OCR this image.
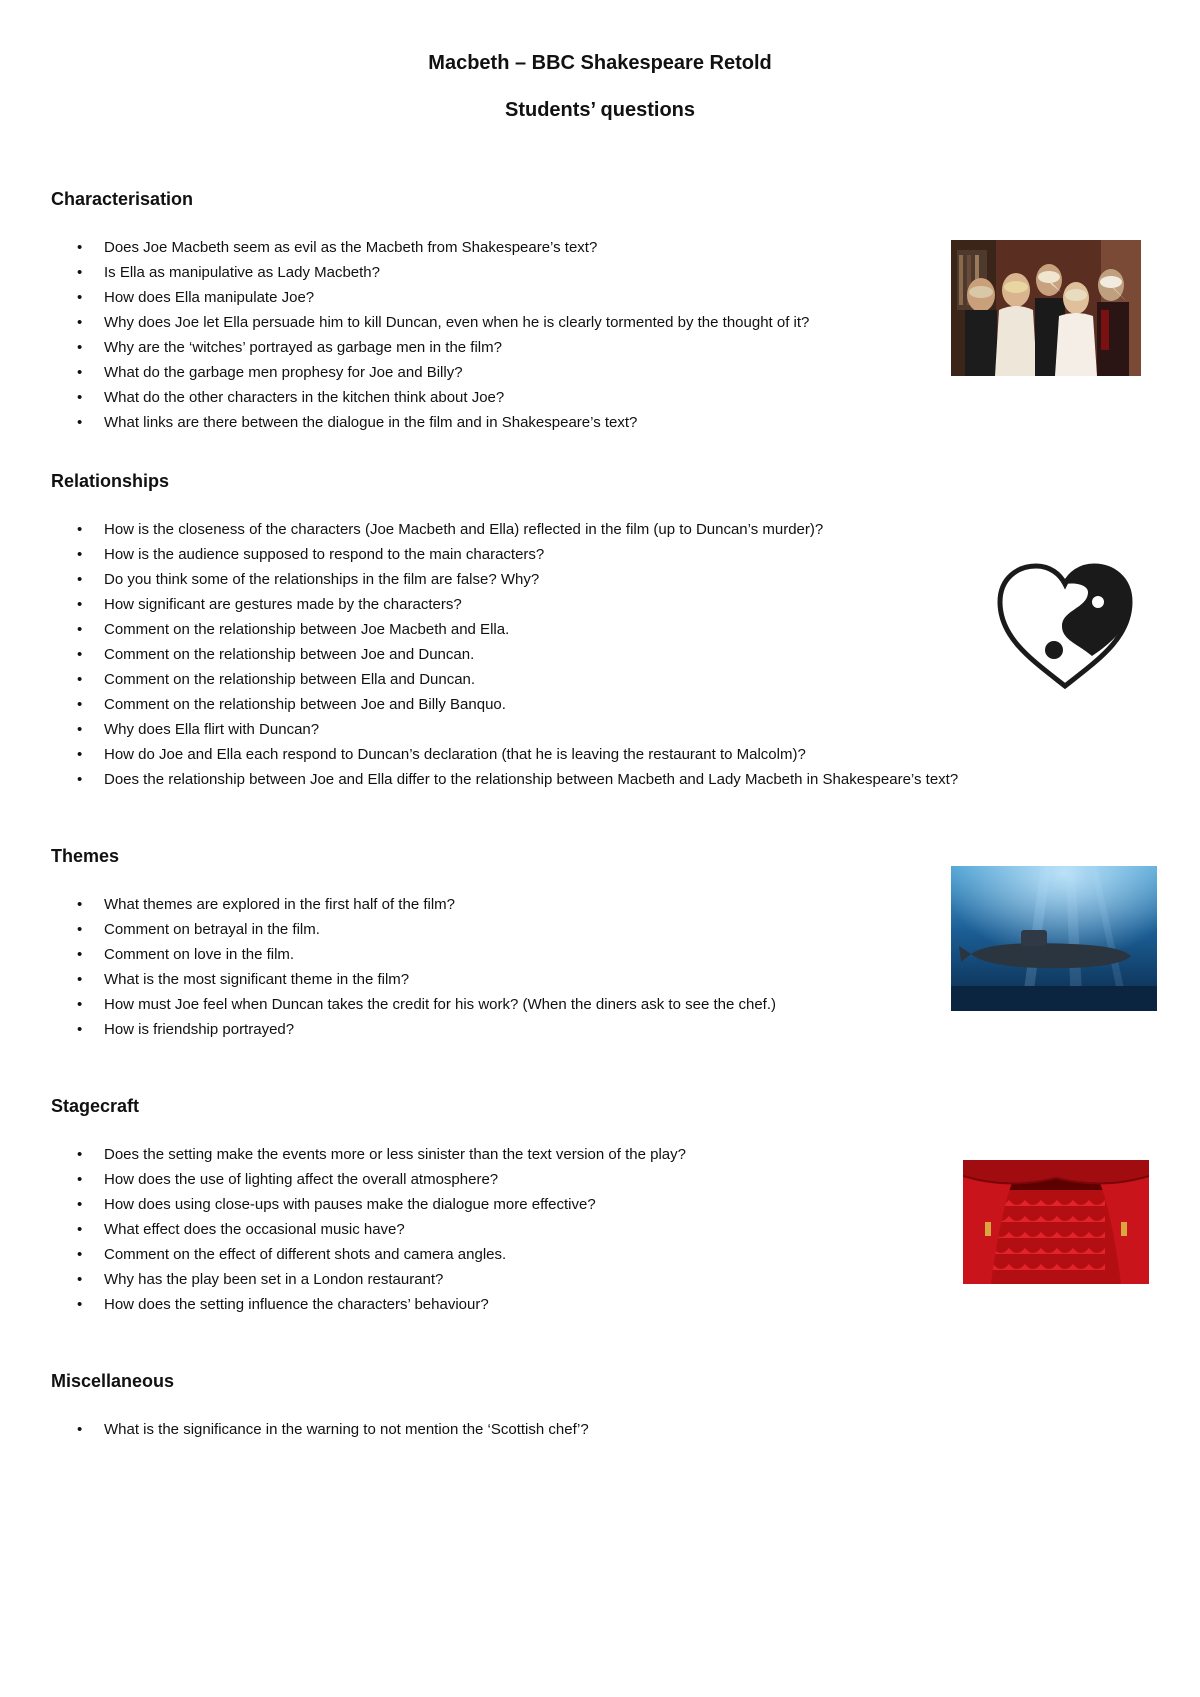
Macbeth – BBC Shakespeare Retold
Students’ questions
Characterisation
• Does Joe Macbeth seem as evil as the Macbeth from Shakespeare’s text?
• Is Ella as manipulative as Lady Macbeth?
• How does Ella manipulate Joe?
• Why does Joe let Ella persuade him to kill Duncan, even when he is clearly tormented by the thought of it?
• Why are the ‘witches’ portrayed as garbage men in the film?
• What do the garbage men prophesy for Joe and Billy?
• What do the other characters in the kitchen think about Joe?
• What links are there between the dialogue in the film and in Shakespeare’s text?
Relationships
• How is the closeness of the characters (Joe Macbeth and Ella) reflected in the film (up to Duncan’s murder)?
• How is the audience supposed to respond to the main characters?
• Do you think some of the relationships in the film are false? Why?
• How significant are gestures made by the characters?
• Comment on the relationship between Joe Macbeth and Ella.
• Comment on the relationship between Joe and Duncan.
• Comment on the relationship between Ella and Duncan.
• Comment on the relationship between Joe and Billy Banquo.
• Why does Ella flirt with Duncan?
• How do Joe and Ella each respond to Duncan’s declaration (that he is leaving the restaurant to Malcolm)?
• Does the relationship between Joe and Ella differ to the relationship between Macbeth and Lady Macbeth in Shakespeare’s text?
Themes
• What themes are explored in the first half of the film?
• Comment on betrayal in the film.
• Comment on love in the film.
• What is the most significant theme in the film?
• How must Joe feel when Duncan takes the credit for his work? (When the diners ask to see the chef.)
• How is friendship portrayed?
Stagecraft
• Does the setting make the events more or less sinister than the text version of the play?
• How does the use of lighting affect the overall atmosphere?
• How does using close-ups with pauses make the dialogue more effective?
• What effect does the occasional music have?
• Comment on the effect of different shots and camera angles.
• Why has the play been set in a London restaurant?
• How does the setting influence the characters’ behaviour?
Miscellaneous
• What is the significance in the warning to not mention the ‘Scottish chef’?
